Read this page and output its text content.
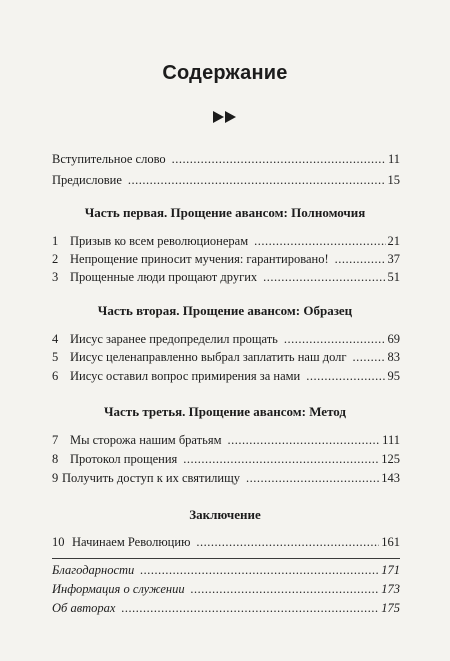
Содержание
Вступительное слово .....	11
Предисловие .....	15
Часть первая. Прощение авансом: Полномочия
1 Призыв ко всем революционерам .....	21
2 Непрощение приносит мучения: гарантировано! .....	37
3 Прощенные люди прощают других .....	51
Часть вторая. Прощение авансом: Образец
4 Иисус заранее предопределил прощать .....	69
5 Иисус целенаправленно выбрал заплатить наш долг .....	83
6 Иисус оставил вопрос примирения за нами .....	95
Часть третья. Прощение авансом: Метод
7 Мы сторожа нашим братьям .....	111
8 Протокол прощения .....	125
9 Получить доступ к их святилищу .....	143
Заключение
10 Начинаем Революцию .....	161
Благодарности .....	171
Информация о служении .....	173
Об авторах .....	175
